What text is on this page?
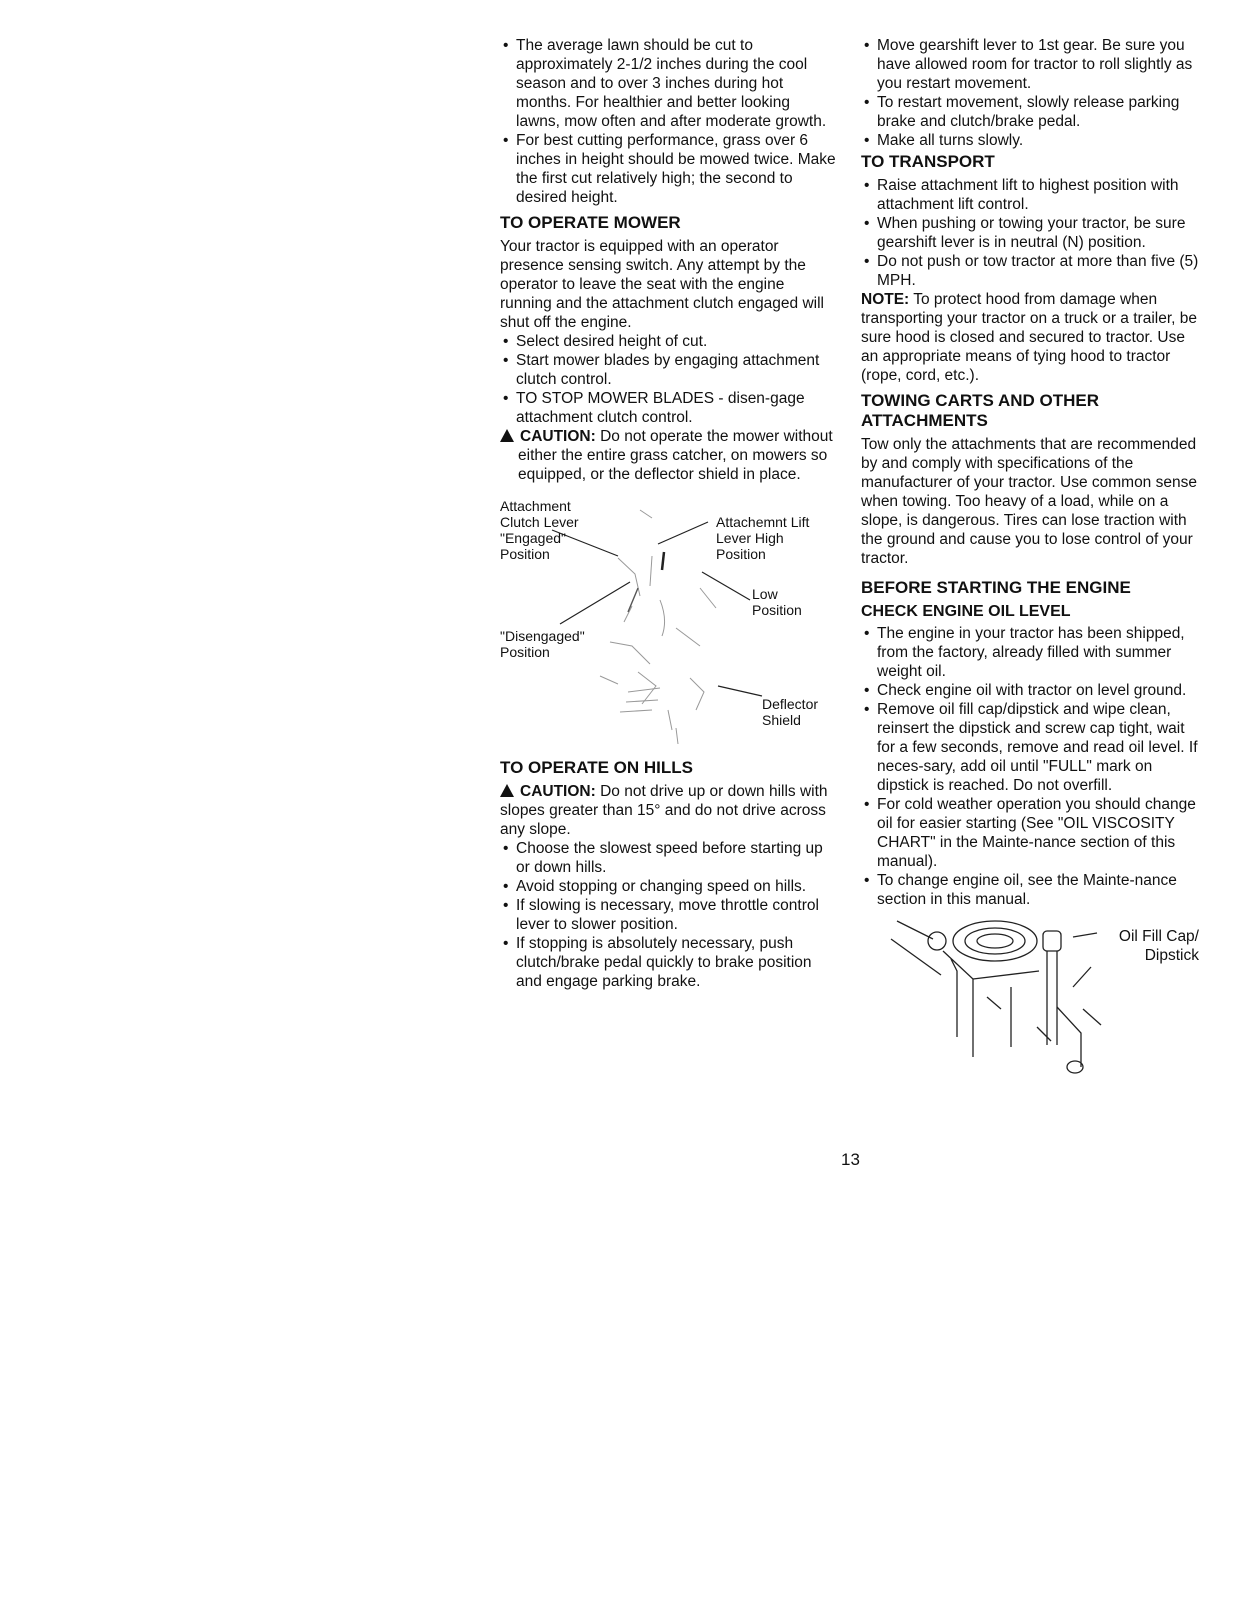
• The average lawn should be cut to approximately 2-1/2 inches during the cool season and to over 3 inches during hot months. For healthier and better looking lawns, mow often and after moderate growth.
• For best cutting performance, grass over 6 inches in height should be mowed twice. Make the first cut relatively high; the second to desired height.
TO OPERATE MOWER

Your tractor is equipped with an operator presence sensing switch. Any attempt by the operator to leave the seat with the engine running and the attachment clutch engaged will shut off the engine.

• Select desired height of cut.
• Start mower blades by engaging attachment clutch control.
• TO STOP MOWER BLADES - disen-gage attachment clutch control.

CAUTION: Do not operate the mower without either the entire grass catcher, on mowers so equipped, or the deflector shield in place.

Attachment Clutch Lever "Engaged" Position
Attachemnt Lift Lever High Position
Low Position
"Disengaged" Position
Deflector Shield
TO OPERATE ON HILLS

CAUTION: Do not drive up or down hills with slopes greater than 15° and do not drive across any slope.

• Choose the slowest speed before starting up or down hills.
• Avoid stopping or changing speed on hills.
• If slowing is necessary, move throttle control lever to slower position.
• If stopping is absolutely necessary, push clutch/brake pedal quickly to brake position and engage parking brake.
• Move gearshift lever to 1st gear. Be sure you have allowed room for tractor to roll slightly as you restart movement.
• To restart movement, slowly release parking brake and clutch/brake pedal.
• Make all turns slowly.
TO TRANSPORT
• Raise attachment lift to highest position with attachment lift control.
• When pushing or towing your tractor, be sure gearshift lever is in neutral (N) position.
• Do not push or tow tractor at more than five (5) MPH.

NOTE: To protect hood from damage when transporting your tractor on a truck or a trailer, be sure hood is closed and secured to tractor. Use an appropriate means of tying hood to tractor (rope, cord, etc.).

TOWING CARTS AND OTHER ATTACHMENTS

Tow only the attachments that are recommended by and comply with specifications of the manufacturer of your tractor. Use common sense when towing. Too heavy of a load, while on a slope, is dangerous. Tires can lose traction with the ground and cause you to lose control of your tractor.

BEFORE STARTING THE ENGINE
CHECK ENGINE OIL LEVEL
• The engine in your tractor has been shipped, from the factory, already filled with summer weight oil.
• Check engine oil with tractor on level ground.
• Remove oil fill cap/dipstick and wipe clean, reinsert the dipstick and screw cap tight, wait for a few seconds, remove and read oil level. If neces-sary, add oil until "FULL" mark on dipstick is reached. Do not overfill.
• For cold weather operation you should change oil for easier starting (See "OIL VISCOSITY CHART" in the Mainte-nance section of this manual).
• To change engine oil, see the Mainte-nance section in this manual.
Oil Fill Cap/ Dipstick
13
